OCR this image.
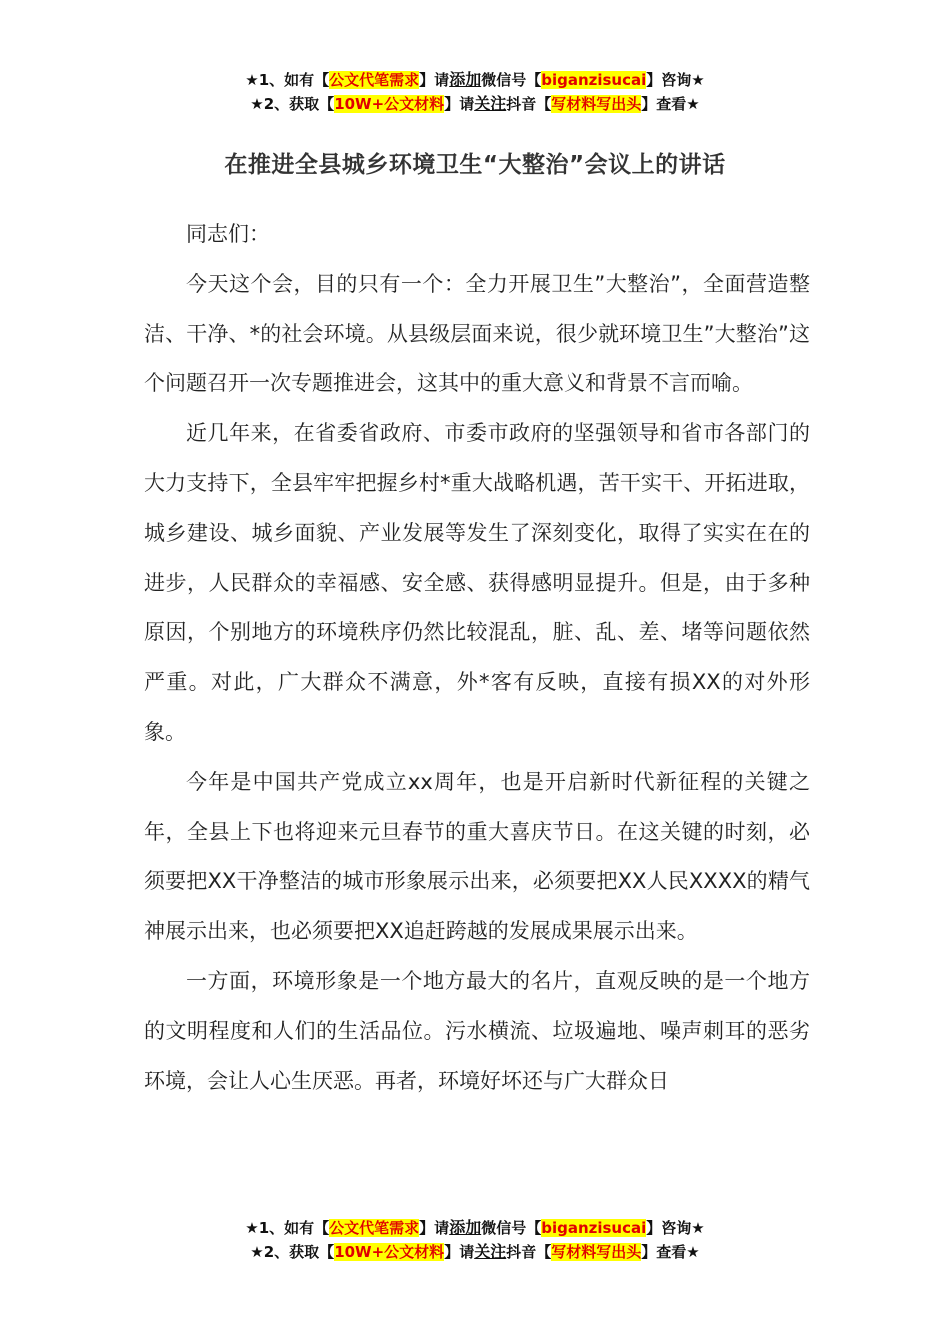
★1、如有【公文代笔需求】请添加微信号【biganzisucai】咨询★
★2、获取【10W+公文材料】请关注抖音【写材料写出头】查看★
在推进全县城乡环境卫生“大整治”会议上的讲话

同志们：

今天这个会，目的只有一个：全力开展卫生”大整治”，全面营造整洁、干净、*的社会环境。从县级层面来说，很少就环境卫生”大整治”这个问题召开一次专题推进会，这其中的重大意义和背景不言而喻。

近几年来，在省委省政府、市委市政府的坚强领导和省市各部门的大力支持下，全县牢牢把握乡村*重大战略机遇，苦干实干、开拓进取，城乡建设、城乡面貌、产业发展等发生了深刻变化，取得了实实在在的进步，人民群众的幸福感、安全感、获得感明显提升。但是，由于多种原因，个别地方的环境秩序仍然比较混乱，脏、乱、差、堵等问题依然严重。对此，广大群众不满意，外*客有反映，直接有损XX的对外形象。

今年是中国共产党成立xx周年，也是开启新时代新征程的关键之年，全县上下也将迎来元旦春节的重大喜庆节日。在这关键的时刻，必须要把XX干净整洁的城市形象展示出来，必须要把XX人民XXXX的精气神展示出来，也必须要把XX追赶跨越的发展成果展示出来。

一方面，环境形象是一个地方最大的名片，直观反映的是一个地方的文明程度和人们的生活品位。污水横流、垃圾遍地、噪声刺耳的恶劣环境，会让人心生厌恶。再者，环境好坏还与广大群众日

★1、如有【公文代笔需求】请添加微信号【biganzisucai】咨询★
★2、获取【10W+公文材料】请关注抖音【写材料写出头】查看★
